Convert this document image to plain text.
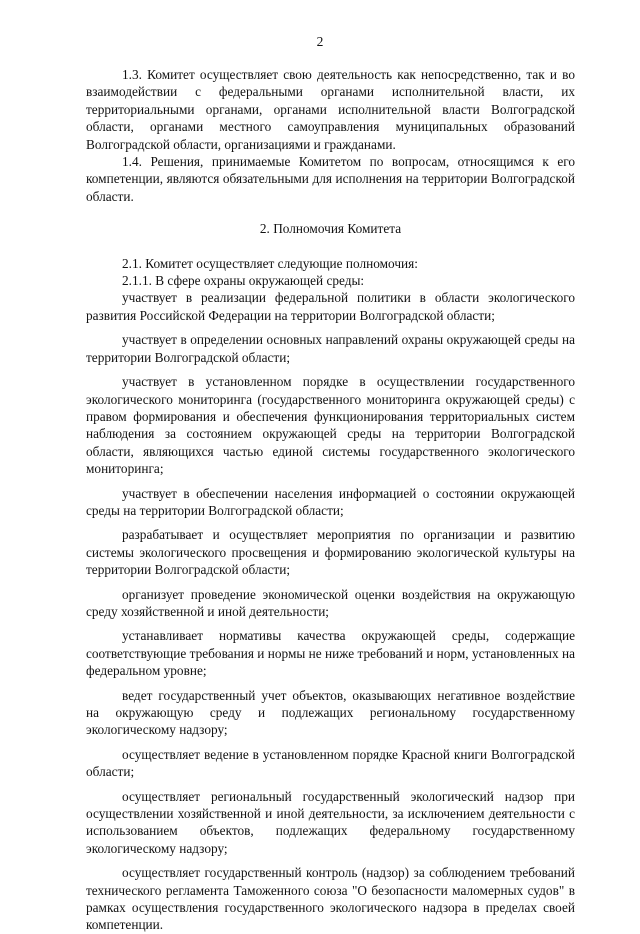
2

1.3. Комитет осуществляет свою деятельность как непосредственно, так и во взаимодействии с федеральными органами исполнительной власти, их территориальными органами, органами исполнительной власти Волгоградской области, органами местного самоуправления муниципальных образований Волгоградской области, организациями и гражданами.

1.4. Решения, принимаемые Комитетом по вопросам, относящимся к его компетенции, являются обязательными для исполнения на территории Волгоградской области.

2. Полномочия Комитета

2.1. Комитет осуществляет следующие полномочия:

2.1.1. В сфере охраны окружающей среды:

участвует в реализации федеральной политики в области экологического развития Российской Федерации на территории Волгоградской области;

участвует в определении основных направлений охраны окружающей среды на территории Волгоградской области;

участвует в установленном порядке в осуществлении государственного экологического мониторинга (государственного мониторинга окружающей среды) с правом формирования и обеспечения функционирования территориальных систем наблюдения за состоянием окружающей среды на территории Волгоградской области, являющихся частью единой системы государственного экологического мониторинга;

участвует в обеспечении населения информацией о состоянии окружающей среды на территории Волгоградской области;

разрабатывает и осуществляет мероприятия по организации и развитию системы экологического просвещения и формированию экологической культуры на территории Волгоградской области;

организует проведение экономической оценки воздействия на окружающую среду хозяйственной и иной деятельности;

устанавливает нормативы качества окружающей среды, содержащие соответствующие требования и нормы не ниже требований и норм, установленных на федеральном уровне;

ведет государственный учет объектов, оказывающих негативное воздействие на окружающую среду и подлежащих региональному государственному экологическому надзору;

осуществляет ведение в установленном порядке Красной книги Волгоградской области;

осуществляет региональный государственный экологический надзор при осуществлении хозяйственной и иной деятельности, за исключением деятельности с использованием объектов, подлежащих федеральному государственному экологическому надзору;

осуществляет государственный контроль (надзор) за соблюдением требований технического регламента Таможенного союза "О безопасности маломерных судов" в рамках осуществления государственного экологического надзора в пределах своей компетенции.
